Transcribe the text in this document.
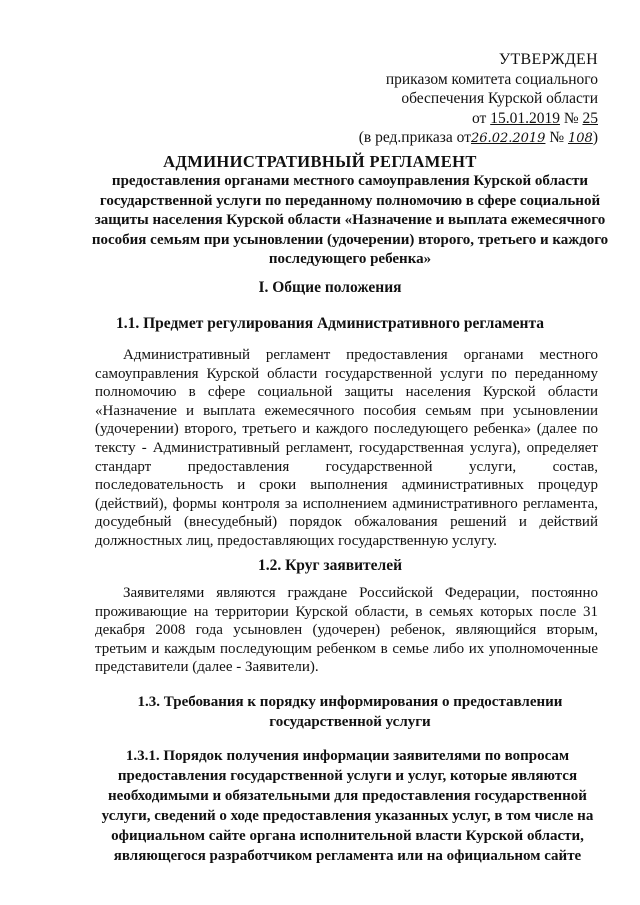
УТВЕРЖДЕН
приказом комитета социального
обеспечения Курской области
от 15.01.2019 № 25
(в ред.приказа от26.02.2019 № 108)
АДМИНИСТРАТИВНЫЙ РЕГЛАМЕНТ
предоставления органами местного самоуправления Курской области государственной услуги по переданному полномочию в сфере социальной защиты населения Курской области «Назначение и выплата ежемесячного пособия семьям при усыновлении (удочерении) второго, третьего и каждого последующего ребенка»
I. Общие положения
1.1. Предмет регулирования Административного регламента
Административный регламент предоставления органами местного самоуправления Курской области государственной услуги по переданному полномочию в сфере социальной защиты населения Курской области «Назначение и выплата ежемесячного пособия семьям при усыновлении (удочерении) второго, третьего и каждого последующего ребенка» (далее по тексту - Административный регламент, государственная услуга), определяет стандарт предоставления государственной услуги, состав, последовательность и сроки выполнения административных процедур (действий), формы контроля за исполнением административного регламента, досудебный (внесудебный) порядок обжалования решений и действий должностных лиц, предоставляющих государственную услугу.
1.2. Круг заявителей
Заявителями являются граждане Российской Федерации, постоянно проживающие на территории Курской области, в семьях которых после 31 декабря 2008 года усыновлен (удочерен) ребенок, являющийся вторым, третьим и каждым последующим ребенком в семье либо их уполномоченные представители (далее - Заявители).
1.3. Требования к порядку информирования о предоставлении государственной услуги
1.3.1. Порядок получения информации заявителями по вопросам предоставления государственной услуги и услуг, которые являются необходимыми и обязательными для предоставления государственной услуги, сведений о ходе предоставления указанных услуг, в том числе на официальном сайте органа исполнительной власти Курской области, являющегося разработчиком регламента или на официальном сайте
